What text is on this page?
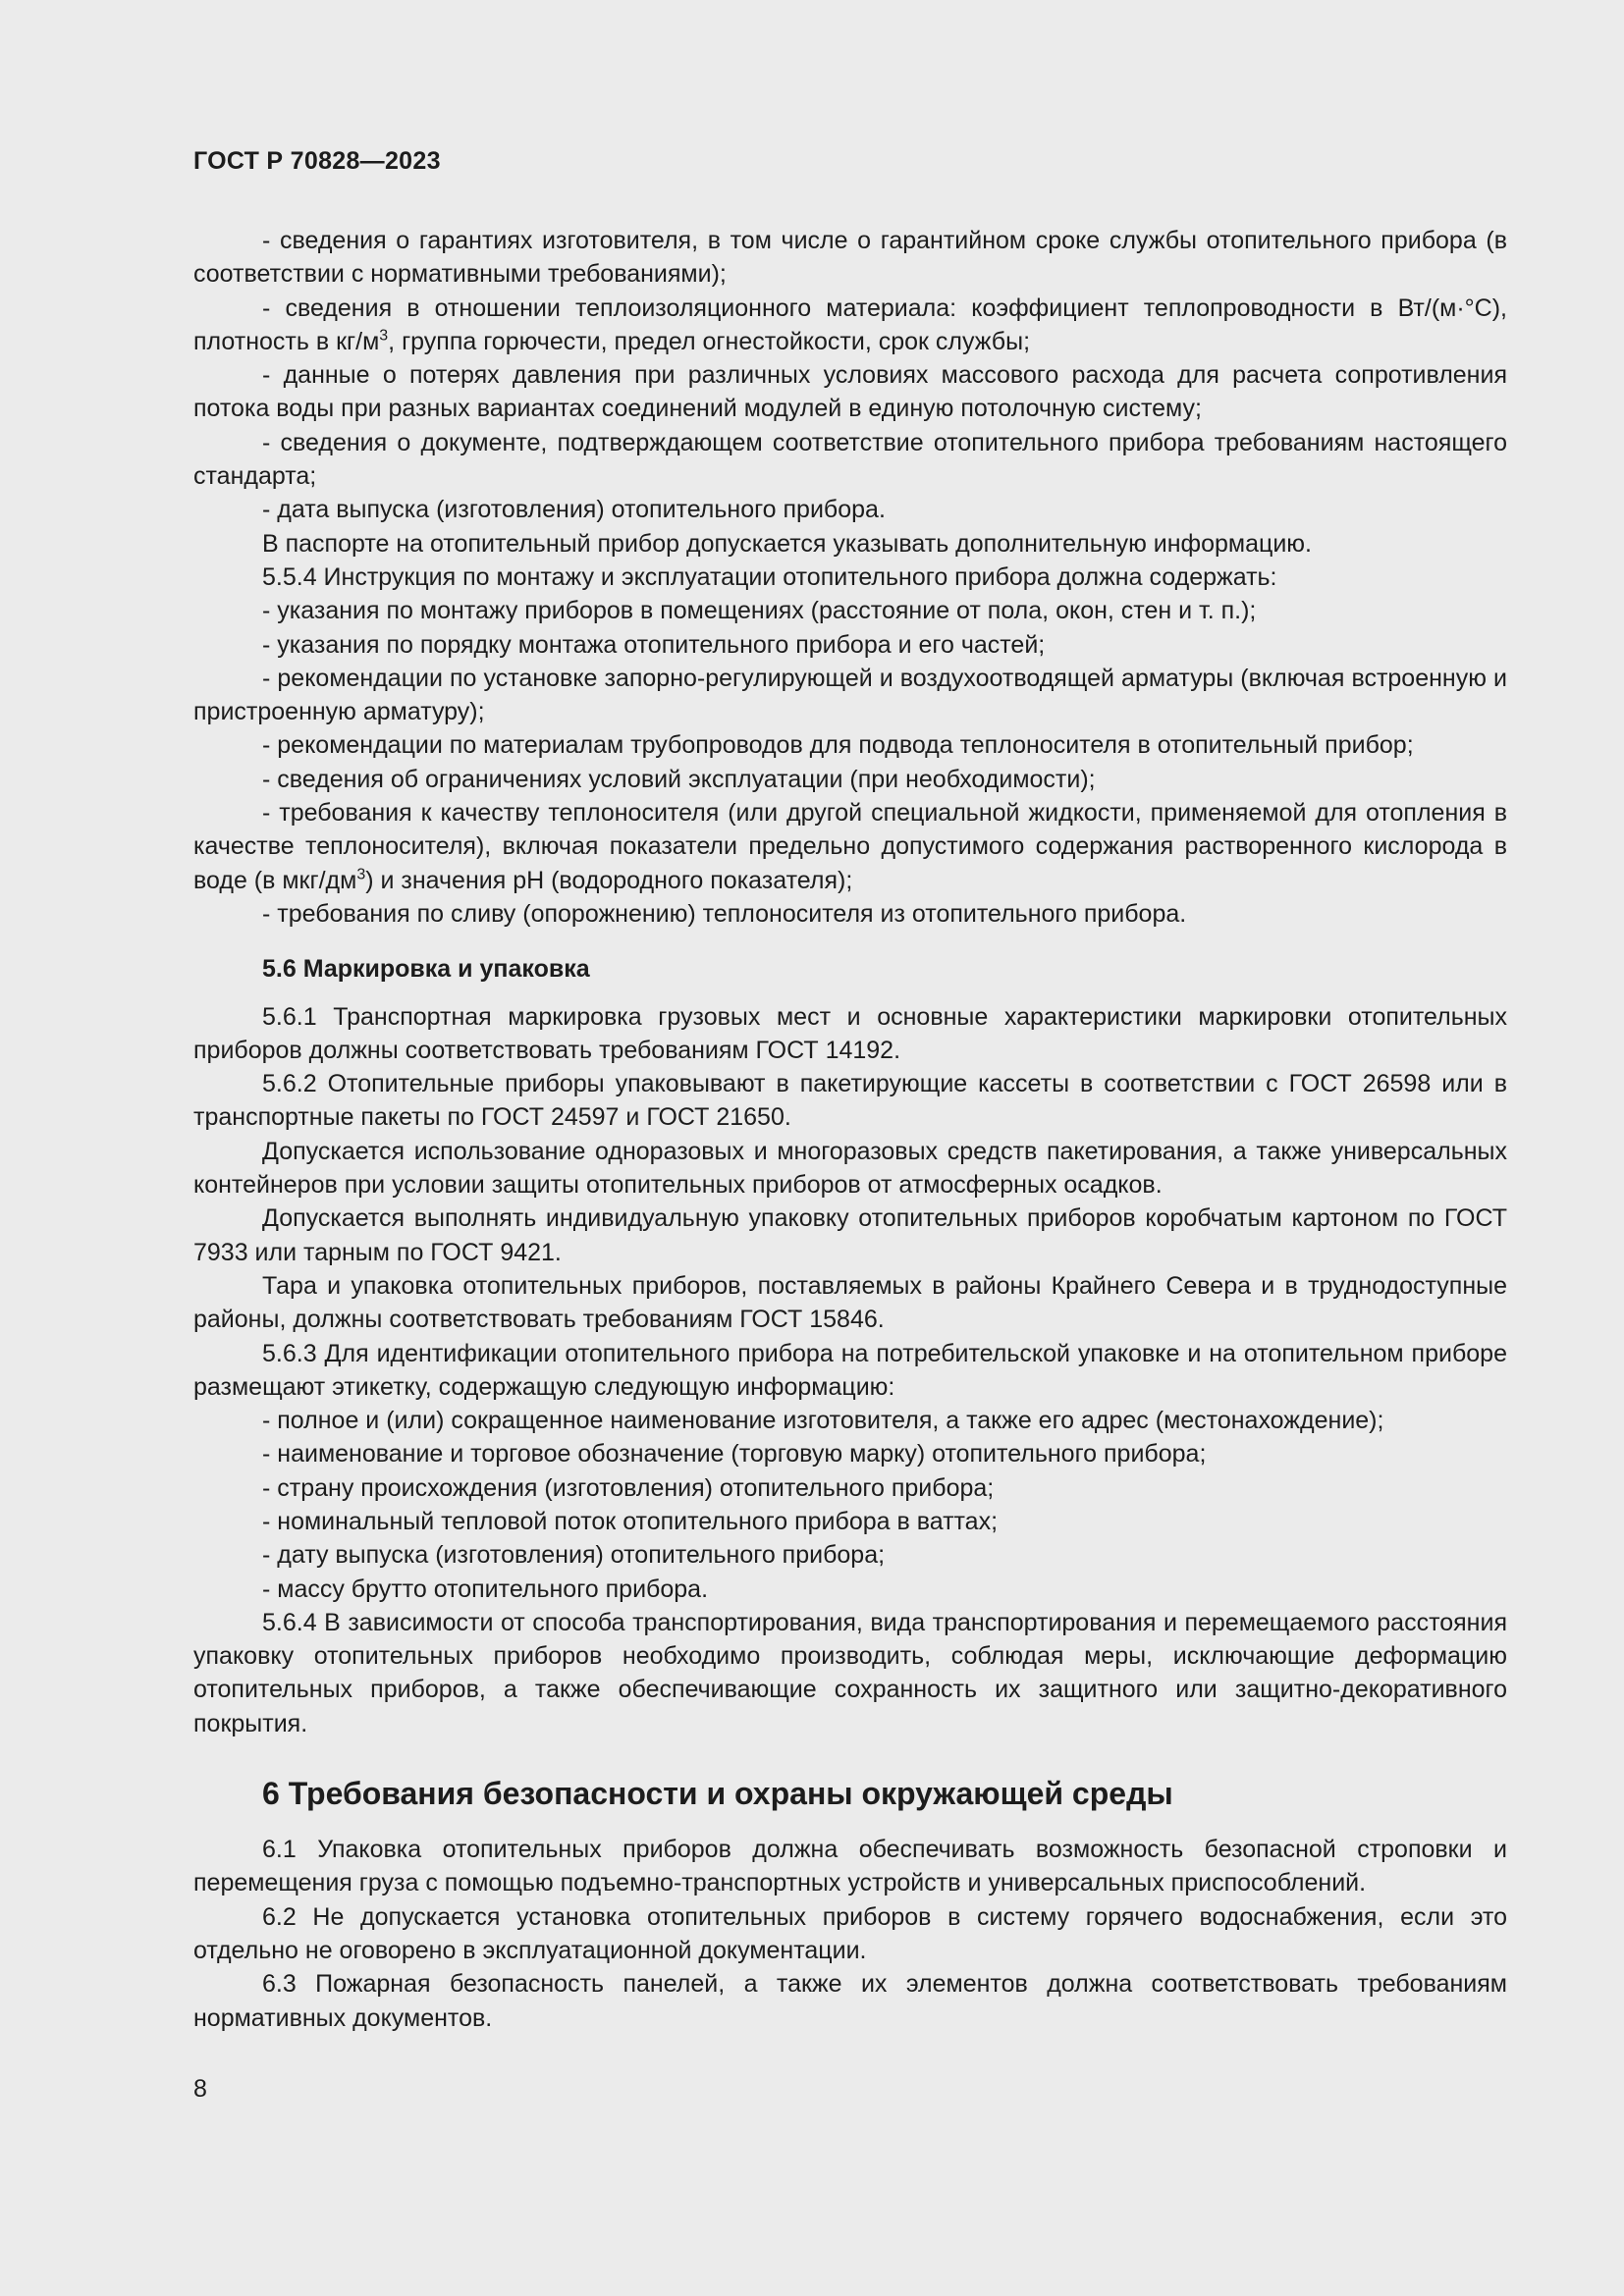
ГОСТ Р 70828—2023

- сведения о гарантиях изготовителя, в том числе о гарантийном сроке службы отопительного прибора (в соответствии с нормативными требованиями);

- сведения в отношении теплоизоляционного материала: коэффициент теплопроводности в Вт/(м·°С), плотность в $кг/м^3$, группа горючести, предел огнестойкости, срок службы;

- данные о потерях давления при различных условиях массового расхода для расчета сопротивления потока воды при разных вариантах соединений модулей в единую потолочную систему;

- сведения о документе, подтверждающем соответствие отопительного прибора требованиям настоящего стандарта;

- дата выпуска (изготовления) отопительного прибора.

В паспорте на отопительный прибор допускается указывать дополнительную информацию.

5.5.4 Инструкция по монтажу и эксплуатации отопительного прибора должна содержать:

- указания по монтажу приборов в помещениях (расстояние от пола, окон, стен и т. п.);

- указания по порядку монтажа отопительного прибора и его частей;

- рекомендации по установке запорно-регулирующей и воздухоотводящей арматуры (включая встроенную и пристроенную арматуру);

- рекомендации по материалам трубопроводов для подвода теплоносителя в отопительный прибор;

- сведения об ограничениях условий эксплуатации (при необходимости);

- требования к качеству теплоносителя (или другой специальной жидкости, применяемой для отопления в качестве теплоносителя), включая показатели предельно допустимого содержания растворенного кислорода в воде (в мкг/$дм^3$) и значения pH (водородного показателя);

- требования по сливу (опорожнению) теплоносителя из отопительного прибора.

5.6 Маркировка и упаковка

5.6.1 Транспортная маркировка грузовых мест и основные характеристики маркировки отопительных приборов должны соответствовать требованиям ГОСТ 14192.

5.6.2 Отопительные приборы упаковывают в пакетирующие кассеты в соответствии с ГОСТ 26598 или в транспортные пакеты по ГОСТ 24597 и ГОСТ 21650.

Допускается использование одноразовых и многоразовых средств пакетирования, а также универсальных контейнеров при условии защиты отопительных приборов от атмосферных осадков.

Допускается выполнять индивидуальную упаковку отопительных приборов коробчатым картоном по ГОСТ 7933 или тарным по ГОСТ 9421.

Тара и упаковка отопительных приборов, поставляемых в районы Крайнего Севера и в труднодоступные районы, должны соответствовать требованиям ГОСТ 15846.

5.6.3 Для идентификации отопительного прибора на потребительской упаковке и на отопительном приборе размещают этикетку, содержащую следующую информацию:

- полное и (или) сокращенное наименование изготовителя, а также его адрес (местонахождение);

- наименование и торговое обозначение (торговую марку) отопительного прибора;

- страну происхождения (изготовления) отопительного прибора;

- номинальный тепловой поток отопительного прибора в ваттах;

- дату выпуска (изготовления) отопительного прибора;

- массу брутто отопительного прибора.

5.6.4 В зависимости от способа транспортирования, вида транспортирования и перемещаемого расстояния упаковку отопительных приборов необходимо производить, соблюдая меры, исключающие деформацию отопительных приборов, а также обеспечивающие сохранность их защитного или защитно-декоративного покрытия.

6 Требования безопасности и охраны окружающей среды

6.1 Упаковка отопительных приборов должна обеспечивать возможность безопасной строповки и перемещения груза с помощью подъемно-транспортных устройств и универсальных приспособлений.

6.2 Не допускается установка отопительных приборов в систему горячего водоснабжения, если это отдельно не оговорено в эксплуатационной документации.

6.3 Пожарная безопасность панелей, а также их элементов должна соответствовать требованиям нормативных документов.

8
